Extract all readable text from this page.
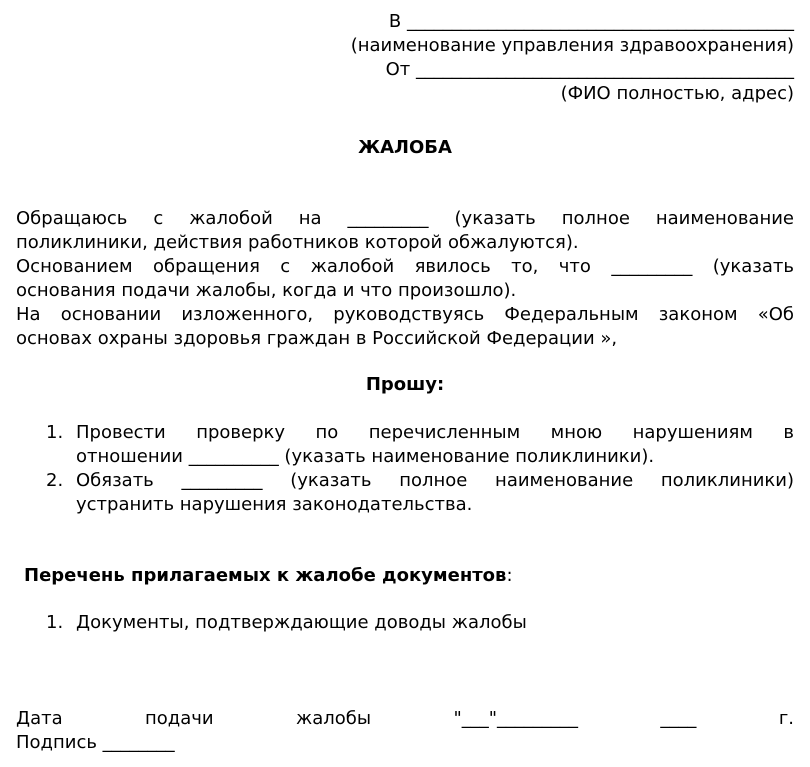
В ___________________________________________
(наименование управления здравоохранения)
От __________________________________________
(ФИО полностью, адрес)
ЖАЛОБА
Обращаюсь с жалобой на _________ (указать полное наименование
поликлиники, действия работников которой обжалуются).
Основанием обращения с жалобой явилось то, что _________ (указать
основания подачи жалобы, когда и что произошло).
На основании изложенного, руководствуясь Федеральным законом «Об
основах охраны здоровья граждан в Российской Федерации »,
Прошу:
1. Провести проверку по перечисленным мною нарушениям в
отношении __________ (указать наименование поликлиники).
2. Обязать _________ (указать полное наименование поликлиники)
устранить нарушения законодательства.
Перечень прилагаемых к жалобе документов:
1. Документы, подтверждающие доводы жалобы
Дата подачи жалобы "___"_________ ____ г.
Подпись ________
